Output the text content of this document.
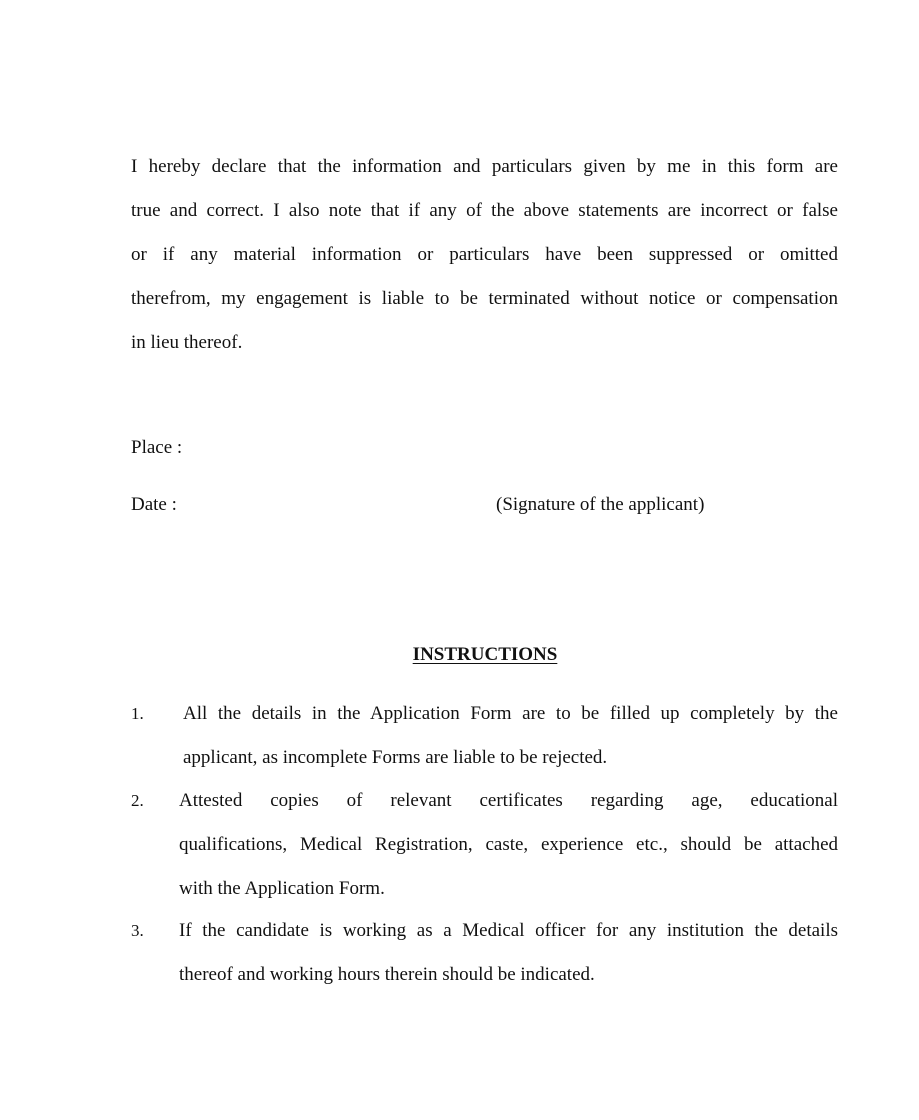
I hereby declare that the information and particulars given by me in this form are
true and correct. I also note that if any of the above statements are incorrect or false
or if any material information or particulars have been suppressed or omitted
therefrom, my engagement is liable to be terminated without notice or compensation
in lieu thereof.
Place :
Date :	(Signature of the applicant)
INSTRUCTIONS
1. All the details in the Application Form are to be filled up completely by the
applicant, as incomplete Forms are liable to be rejected.
2. Attested copies of relevant certificates regarding age, educational
qualifications, Medical Registration, caste, experience etc., should be attached
with the Application Form.
3. If the candidate is working as a Medical officer for any institution the details
thereof and working hours therein should be indicated.
